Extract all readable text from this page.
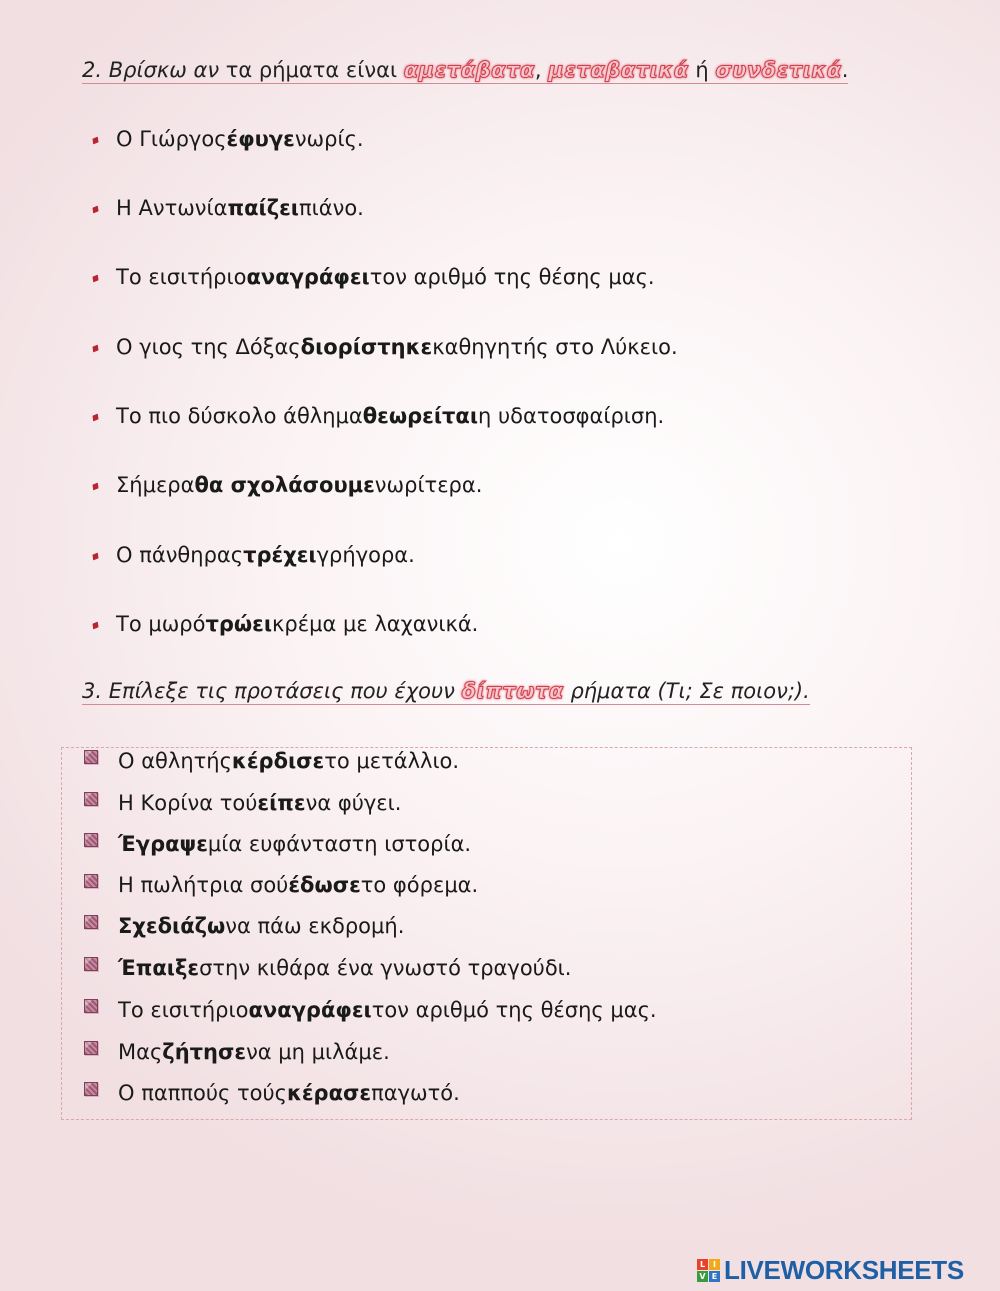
2. Βρίσκω αν τα ρήματα είναι αμετάβατα, μεταβατικά ή συνδετικά.
Ο Γιώργος έφυγε νωρίς.
Η Αντωνία παίζει πιάνο.
Το εισιτήριο αναγράφει τον αριθμό της θέσης μας.
Ο γιος της Δόξας διορίστηκε καθηγητής στο Λύκειο.
Το πιο δύσκολο άθλημα θεωρείται η υδατοσφαίριση.
Σήμερα θα σχολάσουμε νωρίτερα.
Ο πάνθηρας τρέχει γρήγορα.
Το μωρό τρώει κρέμα με λαχανικά.
3. Επίλεξε τις προτάσεις που έχουν δίπτωτα ρήματα (Τι; Σε ποιον;).
Ο αθλητής κέρδισε το μετάλλιο.
Η Κορίνα τού είπε να φύγει.
Έγραψε μία ευφάνταστη ιστορία.
Η πωλήτρια σού έδωσε το φόρεμα.
Σχεδιάζω να πάω εκδρομή.
Έπαιξε στην κιθάρα ένα γνωστό τραγούδι.
Το εισιτήριο αναγράφει τον αριθμό της θέσης μας.
Μας ζήτησε να μη μιλάμε.
Ο παππούς τούς κέρασε παγωτό.
L I
V E LIVEWORKSHEETS
